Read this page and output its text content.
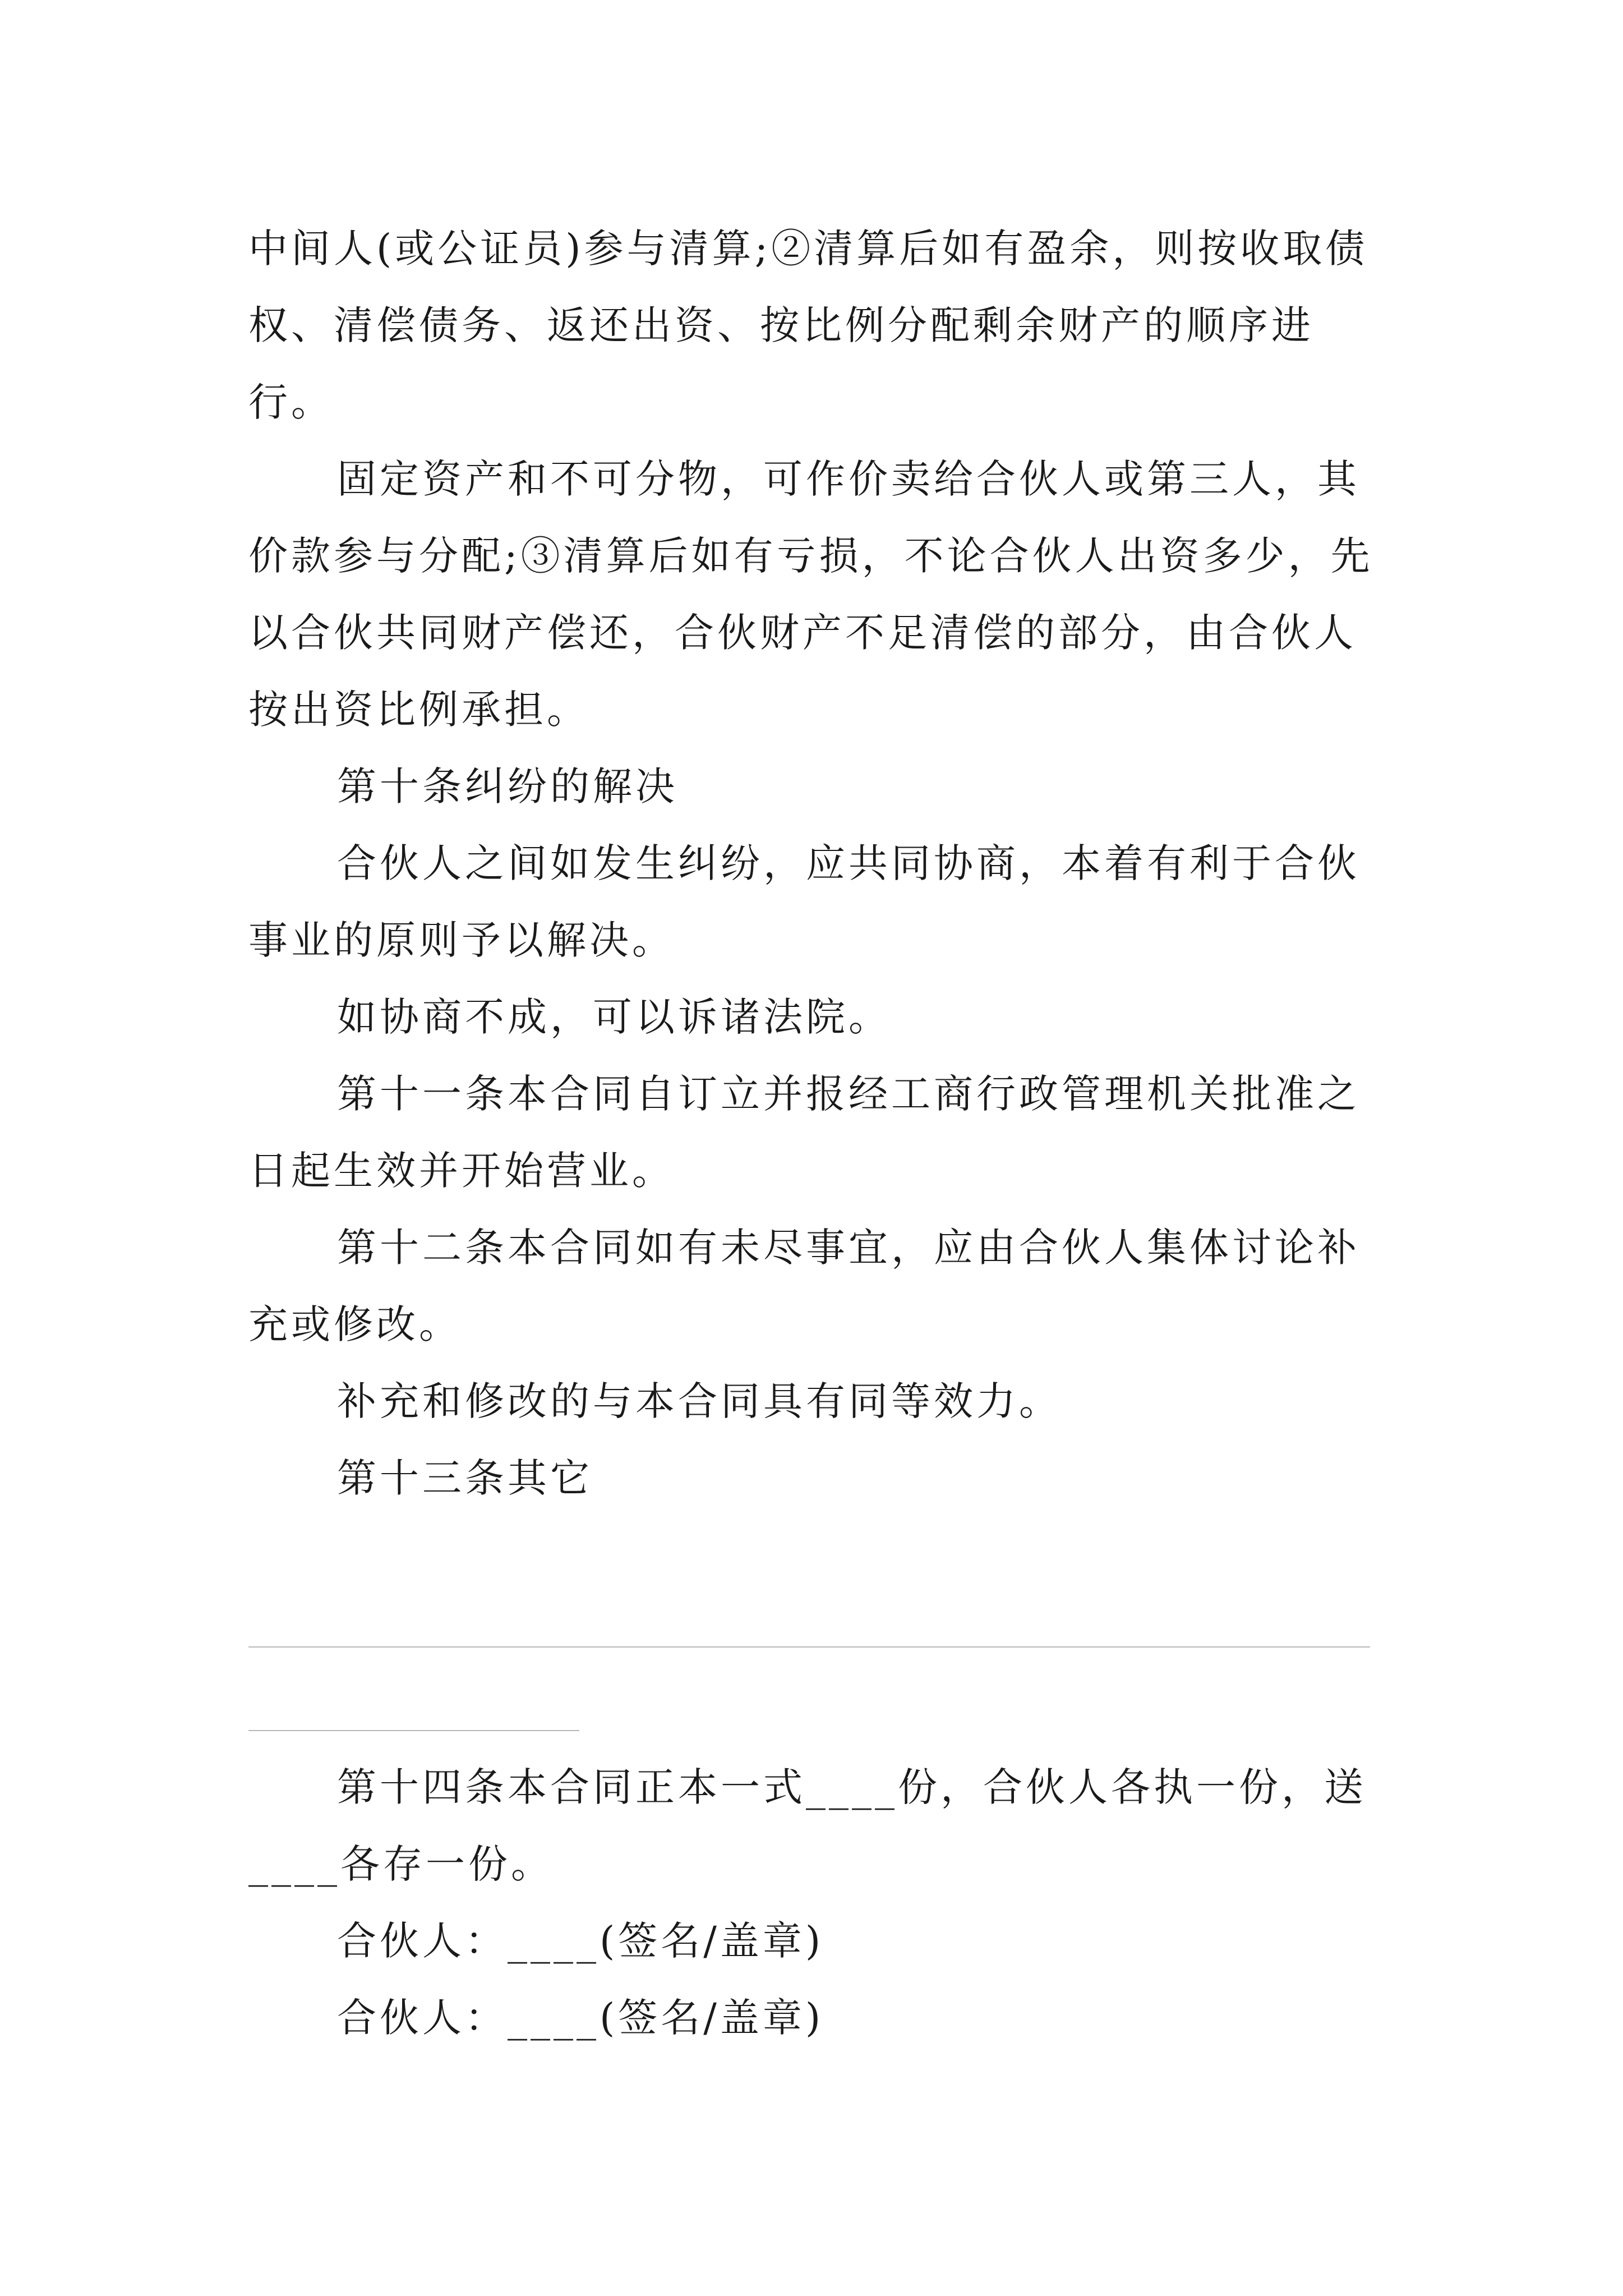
中间人(或公证员)参与清算;②清算后如有盈余，则按收取债权、清偿债务、返还出资、按比例分配剩余财产的顺序进行。

固定资产和不可分物，可作价卖给合伙人或第三人，其价款参与分配;③清算后如有亏损，不论合伙人出资多少，先以合伙共同财产偿还，合伙财产不足清偿的部分，由合伙人按出资比例承担。

第十条纠纷的解决

合伙人之间如发生纠纷，应共同协商，本着有利于合伙事业的原则予以解决。

如协商不成，可以诉诸法院。

第十一条本合同自订立并报经工商行政管理机关批准之日起生效并开始营业。

第十二条本合同如有未尽事宜，应由合伙人集体讨论补充或修改。

补充和修改的与本合同具有同等效力。

第十三条其它

第十四条本合同正本一式____份，合伙人各执一份，送____各存一份。

合伙人：____(签名/盖章)

合伙人：____(签名/盖章)
